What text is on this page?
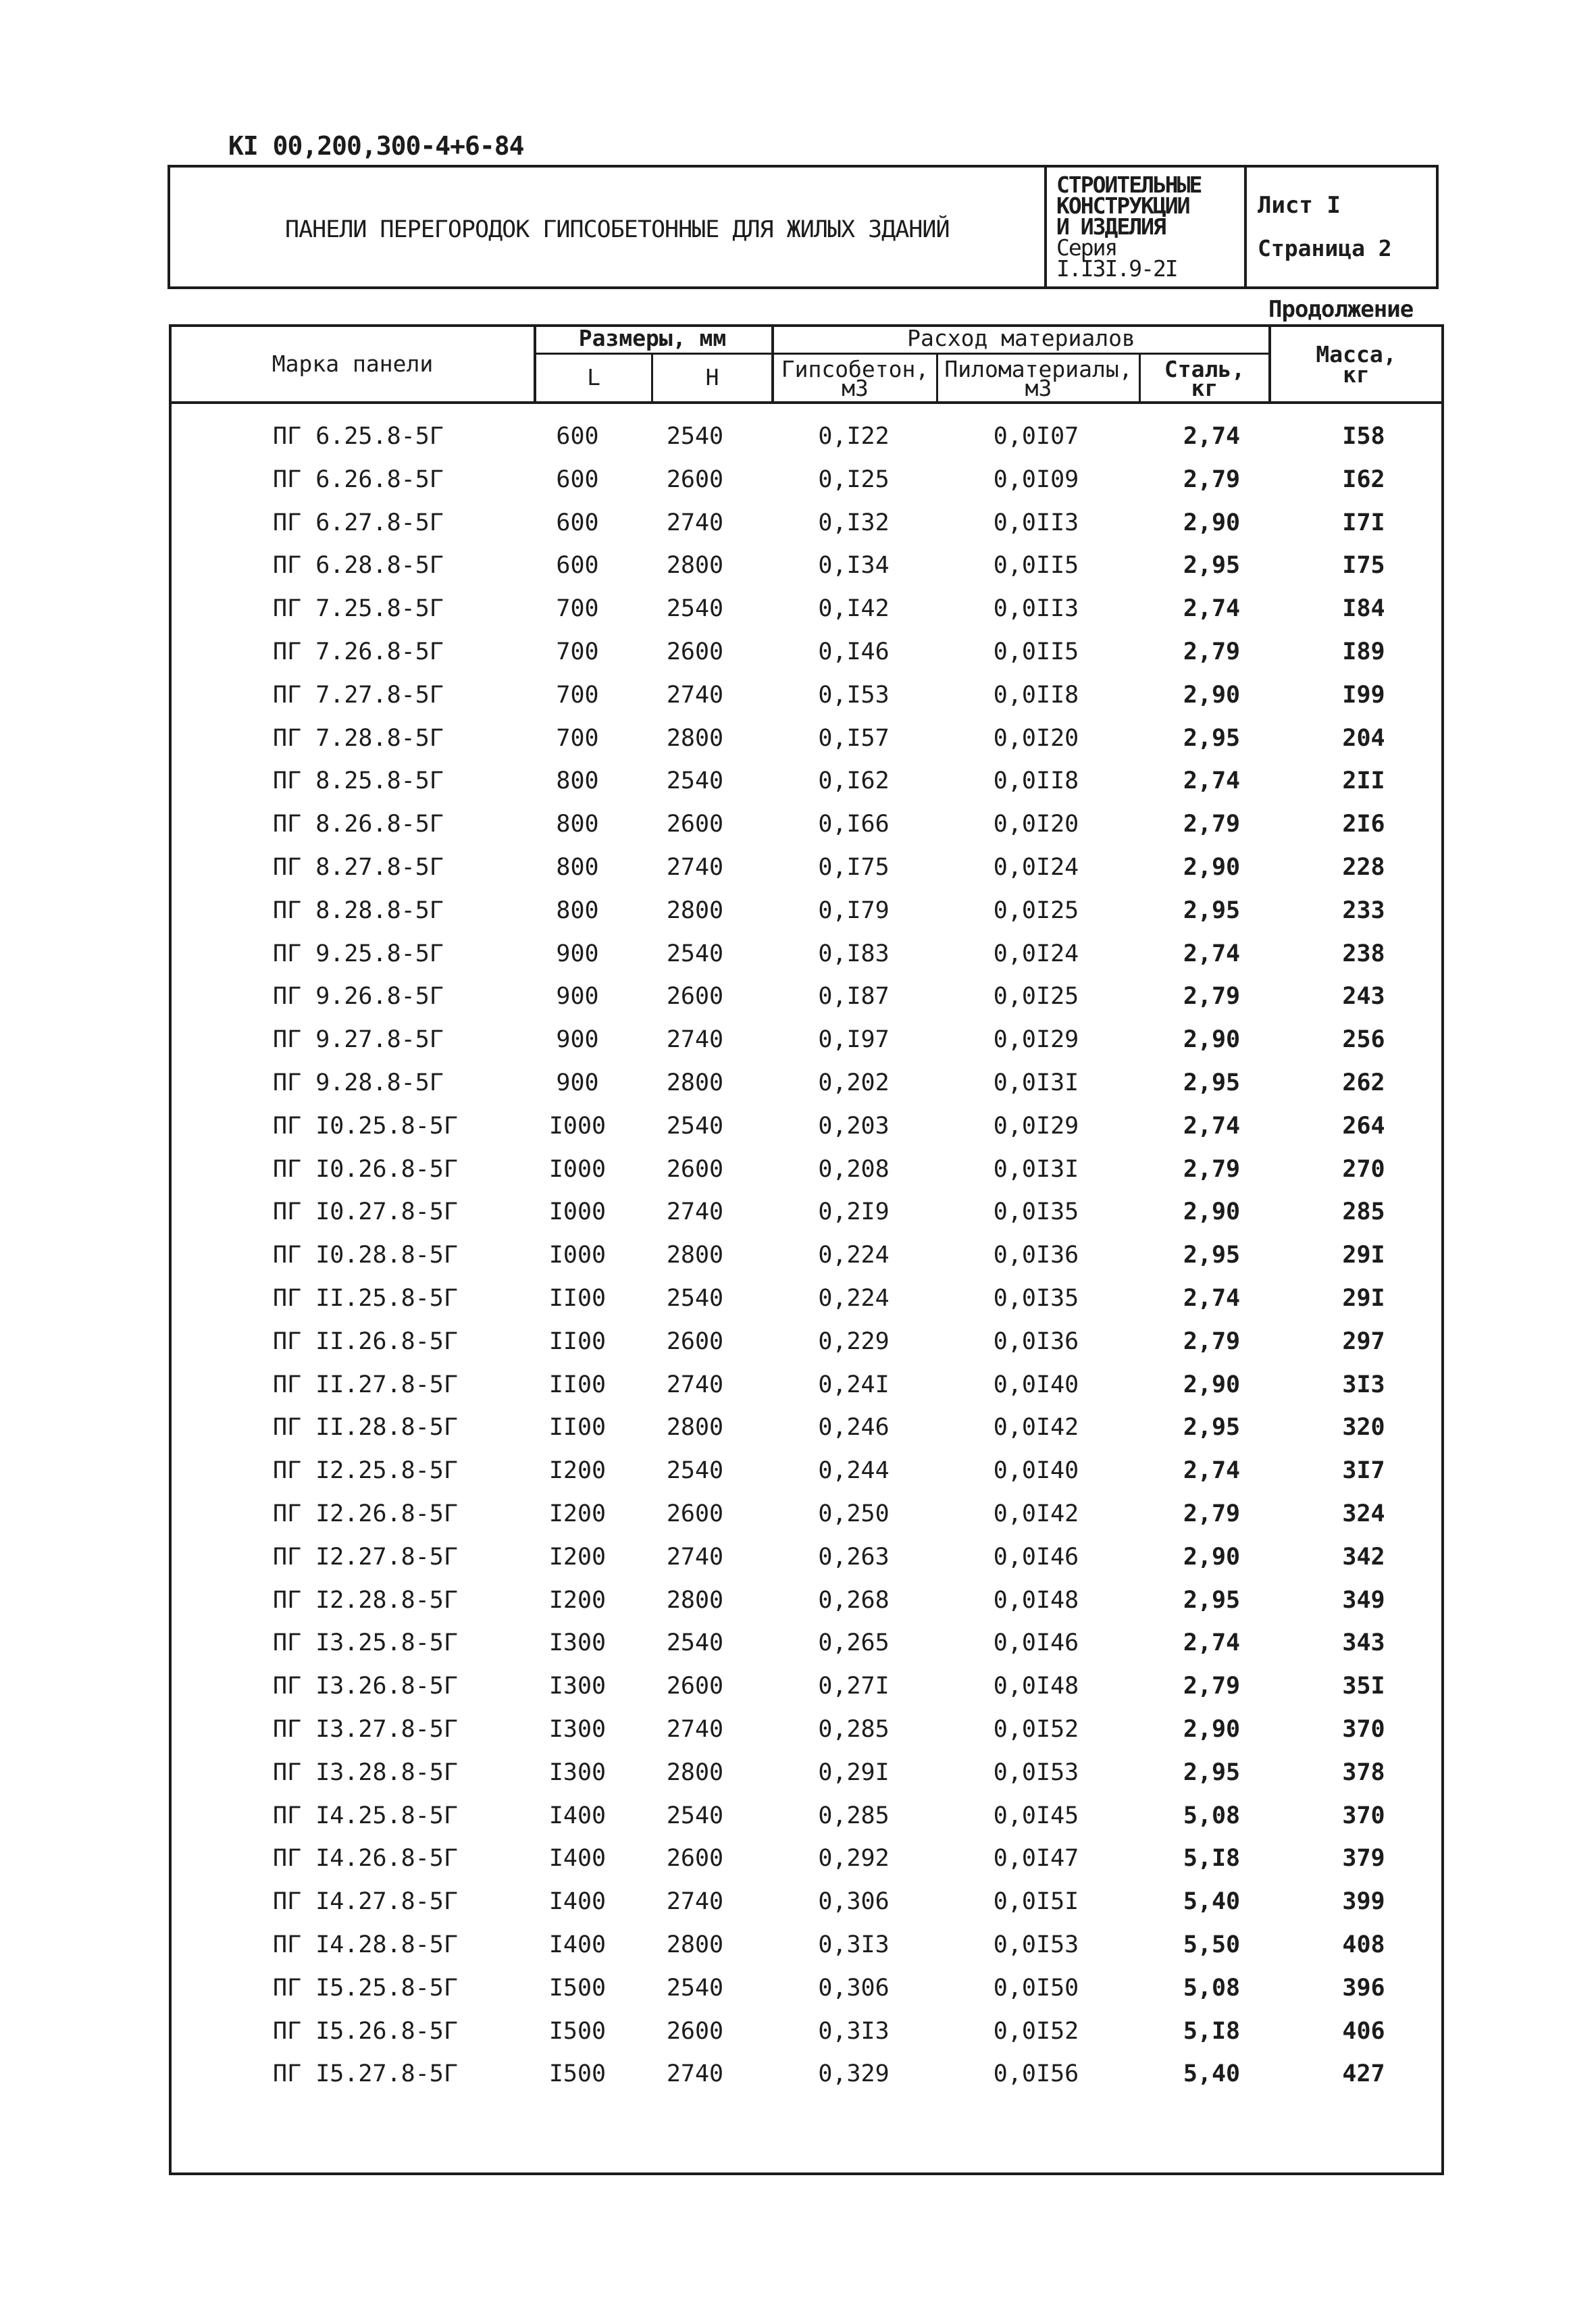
КI 00,200,300-4+6-84
ПАНЕЛИ ПЕРЕГОРОДОК ГИПСОБЕТОННЫЕ ДЛЯ ЖИЛЫХ ЗДАНИЙ
СТРОИТЕЛЬНЫЕ
КОНСТРУКЦИИ
И ИЗДЕЛИЯ
Серия
I.I3I.9-2I
Лист I
Страница 2
Продолжение
Марка панели
Размеры, мм
L	H
Расход материалов
Гипсобетон,
м3
Пиломатериалы,
м3
Сталь,
кг
Масса,
кг
ПГ 6.25.8-5Г	600	2540	0,I22	0,0I07	2,74	I58
ПГ 6.26.8-5Г	600	2600	0,I25	0,0I09	2,79	I62
ПГ 6.27.8-5Г	600	2740	0,I32	0,0II3	2,90	I7I
ПГ 6.28.8-5Г	600	2800	0,I34	0,0II5	2,95	I75
ПГ 7.25.8-5Г	700	2540	0,I42	0,0II3	2,74	I84
ПГ 7.26.8-5Г	700	2600	0,I46	0,0II5	2,79	I89
ПГ 7.27.8-5Г	700	2740	0,I53	0,0II8	2,90	I99
ПГ 7.28.8-5Г	700	2800	0,I57	0,0I20	2,95	204
ПГ 8.25.8-5Г	800	2540	0,I62	0,0II8	2,74	2II
ПГ 8.26.8-5Г	800	2600	0,I66	0,0I20	2,79	2I6
ПГ 8.27.8-5Г	800	2740	0,I75	0,0I24	2,90	228
ПГ 8.28.8-5Г	800	2800	0,I79	0,0I25	2,95	233
ПГ 9.25.8-5Г	900	2540	0,I83	0,0I24	2,74	238
ПГ 9.26.8-5Г	900	2600	0,I87	0,0I25	2,79	243
ПГ 9.27.8-5Г	900	2740	0,I97	0,0I29	2,90	256
ПГ 9.28.8-5Г	900	2800	0,202	0,0I3I	2,95	262
ПГ I0.25.8-5Г	I000	2540	0,203	0,0I29	2,74	264
ПГ I0.26.8-5Г	I000	2600	0,208	0,0I3I	2,79	270
ПГ I0.27.8-5Г	I000	2740	0,2I9	0,0I35	2,90	285
ПГ I0.28.8-5Г	I000	2800	0,224	0,0I36	2,95	29I
ПГ II.25.8-5Г	II00	2540	0,224	0,0I35	2,74	29I
ПГ II.26.8-5Г	II00	2600	0,229	0,0I36	2,79	297
ПГ II.27.8-5Г	II00	2740	0,24I	0,0I40	2,90	3I3
ПГ II.28.8-5Г	II00	2800	0,246	0,0I42	2,95	320
ПГ I2.25.8-5Г	I200	2540	0,244	0,0I40	2,74	3I7
ПГ I2.26.8-5Г	I200	2600	0,250	0,0I42	2,79	324
ПГ I2.27.8-5Г	I200	2740	0,263	0,0I46	2,90	342
ПГ I2.28.8-5Г	I200	2800	0,268	0,0I48	2,95	349
ПГ I3.25.8-5Г	I300	2540	0,265	0,0I46	2,74	343
ПГ I3.26.8-5Г	I300	2600	0,27I	0,0I48	2,79	35I
ПГ I3.27.8-5Г	I300	2740	0,285	0,0I52	2,90	370
ПГ I3.28.8-5Г	I300	2800	0,29I	0,0I53	2,95	378
ПГ I4.25.8-5Г	I400	2540	0,285	0,0I45	5,08	370
ПГ I4.26.8-5Г	I400	2600	0,292	0,0I47	5,I8	379
ПГ I4.27.8-5Г	I400	2740	0,306	0,0I5I	5,40	399
ПГ I4.28.8-5Г	I400	2800	0,3I3	0,0I53	5,50	408
ПГ I5.25.8-5Г	I500	2540	0,306	0,0I50	5,08	396
ПГ I5.26.8-5Г	I500	2600	0,3I3	0,0I52	5,I8	406
ПГ I5.27.8-5Г	I500	2740	0,329	0,0I56	5,40	427
